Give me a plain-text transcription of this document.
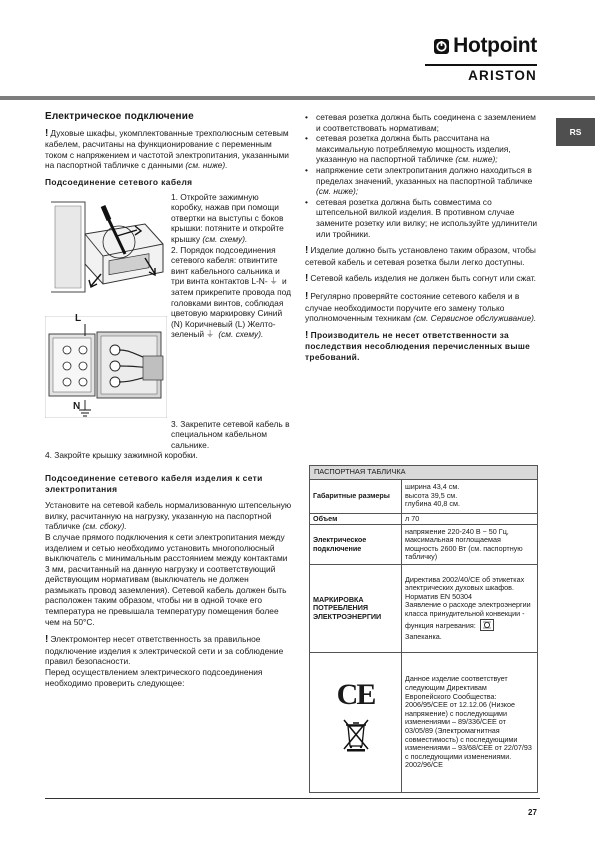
Hotpoint
ARISTON
RS
Електрическое подключение

! Духовые шкафы, укомплектованные трехполюсным сетевым кабелем, расчитаны на функционирование с переменным током с напряжением и частотой электропитания, указанными на паспортной табличке с данными (см. ниже).

Подсоединение сетевого кабеля
L
N

1. Откройте зажимную коробку, нажав при помощи отвертки на выступы с боков крышки: потяните и откройте крышку (см. схему).

2. Порядок подсоединения сетевого кабеля: отвинтите винт кабельного сальника и три винта контактов L-N- ⏚ и затем прикрепите провода под головками винтов, соблюдая цветовую маркировку Синий (N) Коричневый (L) Желто-зеленый ⏚ (см. схему).

3. Закрепите сетевой кабель в специальном кабельном сальнике.

4. Закройте крышку зажимной коробки.

Подсоединение сетевого кабеля изделия к сети электропитания

Установите на сетевой кабель нормализованную штепсельную вилку, расчитанную на нагрузку, указанную на паспортной табличке (см. сбоку).

В случае прямого подключения к сети электропитания между изделием и сетью необходимо установить многополюсный выключатель с минимальным расстоянием между контактами 3 мм, расчитанный на данную нагрузку и соответствующий действующим нормативам (выключатель не должен размыкать провод заземления). Сетевой кабель должен быть расположен таким образом, чтобы ни в одной точке его температура не превышала температуру помещения более чем на 50°С.

! Электромонтер несет ответственность за правильное подключение изделия к электрической сети и за соблюдение правил безопасности.

Перед осуществлением электрического подсоединения необходимо проверить следующее:

• сетевая розетка должна быть соединена с заземлением и соответствовать нормативам;
• сетевая розетка должна быть рассчитана на максимальную потребляемую мощность изделия, указанную на паспортной табличке (см. ниже);
• напряжение сети электропитания должно находиться в пределах значений, указанных на паспортной табличке (см. ниже);
• сетевая розетка должна быть совместима со штепсельной вилкой изделия. В противном случае замените розетку или вилку; не используйте удлинители или тройники.

! Изделие должно быть установлено таким образом, чтобы сетевой кабель и сетевая розетка были легко доступны.

! Сетевой кабель изделия не должен быть согнут или сжат.

! Регулярно проверяйте состояние сетевого кабеля и в случае необходимости поручите его замену только уполномоченным техникам (см. Сервисное обслуживание).

! Производитель не несет ответственности за последствия несоблюдения перечисленных выше требований.

ПАСПОРТНАЯ ТАБЛИЧКА	
Габаритные размеры	ширина 43,4 см.
высота 39,5 см.
глубина 40,8 см.
Объем	л 70
Электрическое подключение	напряжение 220-240 В ~ 50 Гц, максимальная поглощаемая мощность 2600 Вт (см. паспортную табличку)
МАРКИРОВКА ПОТРЕБЛЕНИЯ ЭЛЕКТРОЭНЕРГИИ	Директива 2002/40/CE об этикетках электрических духовых шкафов. Норматив EN 50304
Заявление о расходе электроэнергии класса принудительной конвекции - функция нагревания:
Запеканка.

CE	Данное изделие соответствует следующим Директивам Европейского Сообщества: 2006/95/CEE от 12.12.06 (Низкое напряжение) с последующими изменениями – 89/336/CEE от 03/05/89 (Электромагнитная совместимость) с последующими изменениями – 93/68/CEE от 22/07/93 с последующими изменениями. 2002/96/CE
27
